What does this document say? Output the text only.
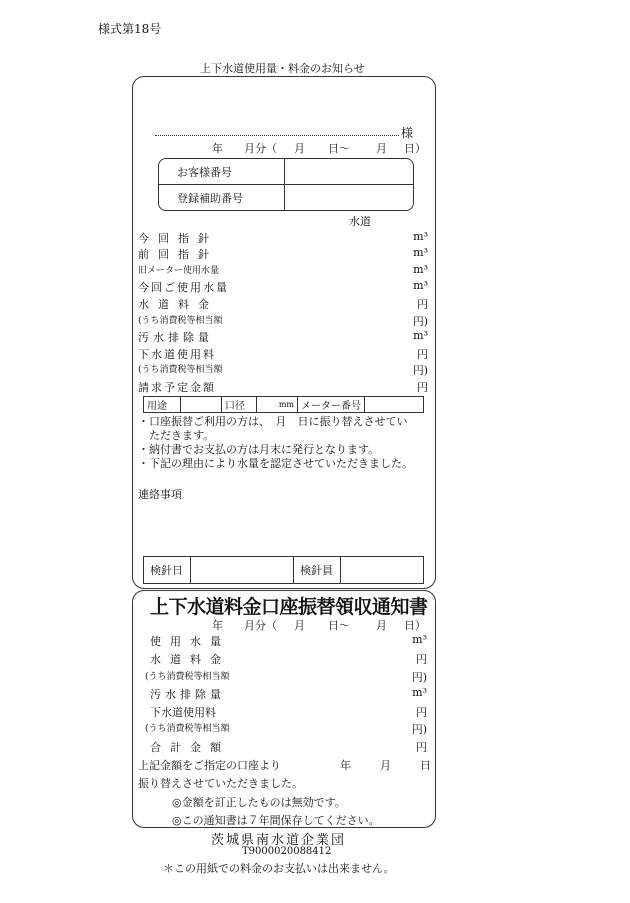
様式第18号
上下水道使用量・料金のお知らせ
様
年 月分（ 月 日～ 月 日）
お客様番号	
登録補助番号	
水道
今回指針	m³
前回指針	m³
旧メーター使用水量	m³
今回ご使用水量	m³
水道料金	円
(うち消費税等相当額	円)
汚水排除量	m³
下水道使用料	円
(うち消費税等相当額	円)
請求予定金額	円
用途		口径	mm	メーター番号	
・口座振替ご利用の方は、　月　日に振り替えさせてい
　ただきます。
・納付書でお支払の方は月末に発行となります。
・下記の理由により水量を認定させていただきました。
連絡事項
検針日		検針員	
上下水道料金口座振替領収通知書
年 月分（ 月 日～ 月 日）
使用水量	m³
水道料金	円
(うち消費税等相当額	円)
汚水排除量	m³
下水道使用料	円
(うち消費税等相当額	円)
合計金額	円
上記金額をご指定の口座より	年	月	日
振り替えさせていただきました。
◎金額を訂正したものは無効です。
◎この通知書は７年間保存してください。
茨城県南水道企業団
T9000020088412
＊この用紙での料金のお支払いは出来ません。
